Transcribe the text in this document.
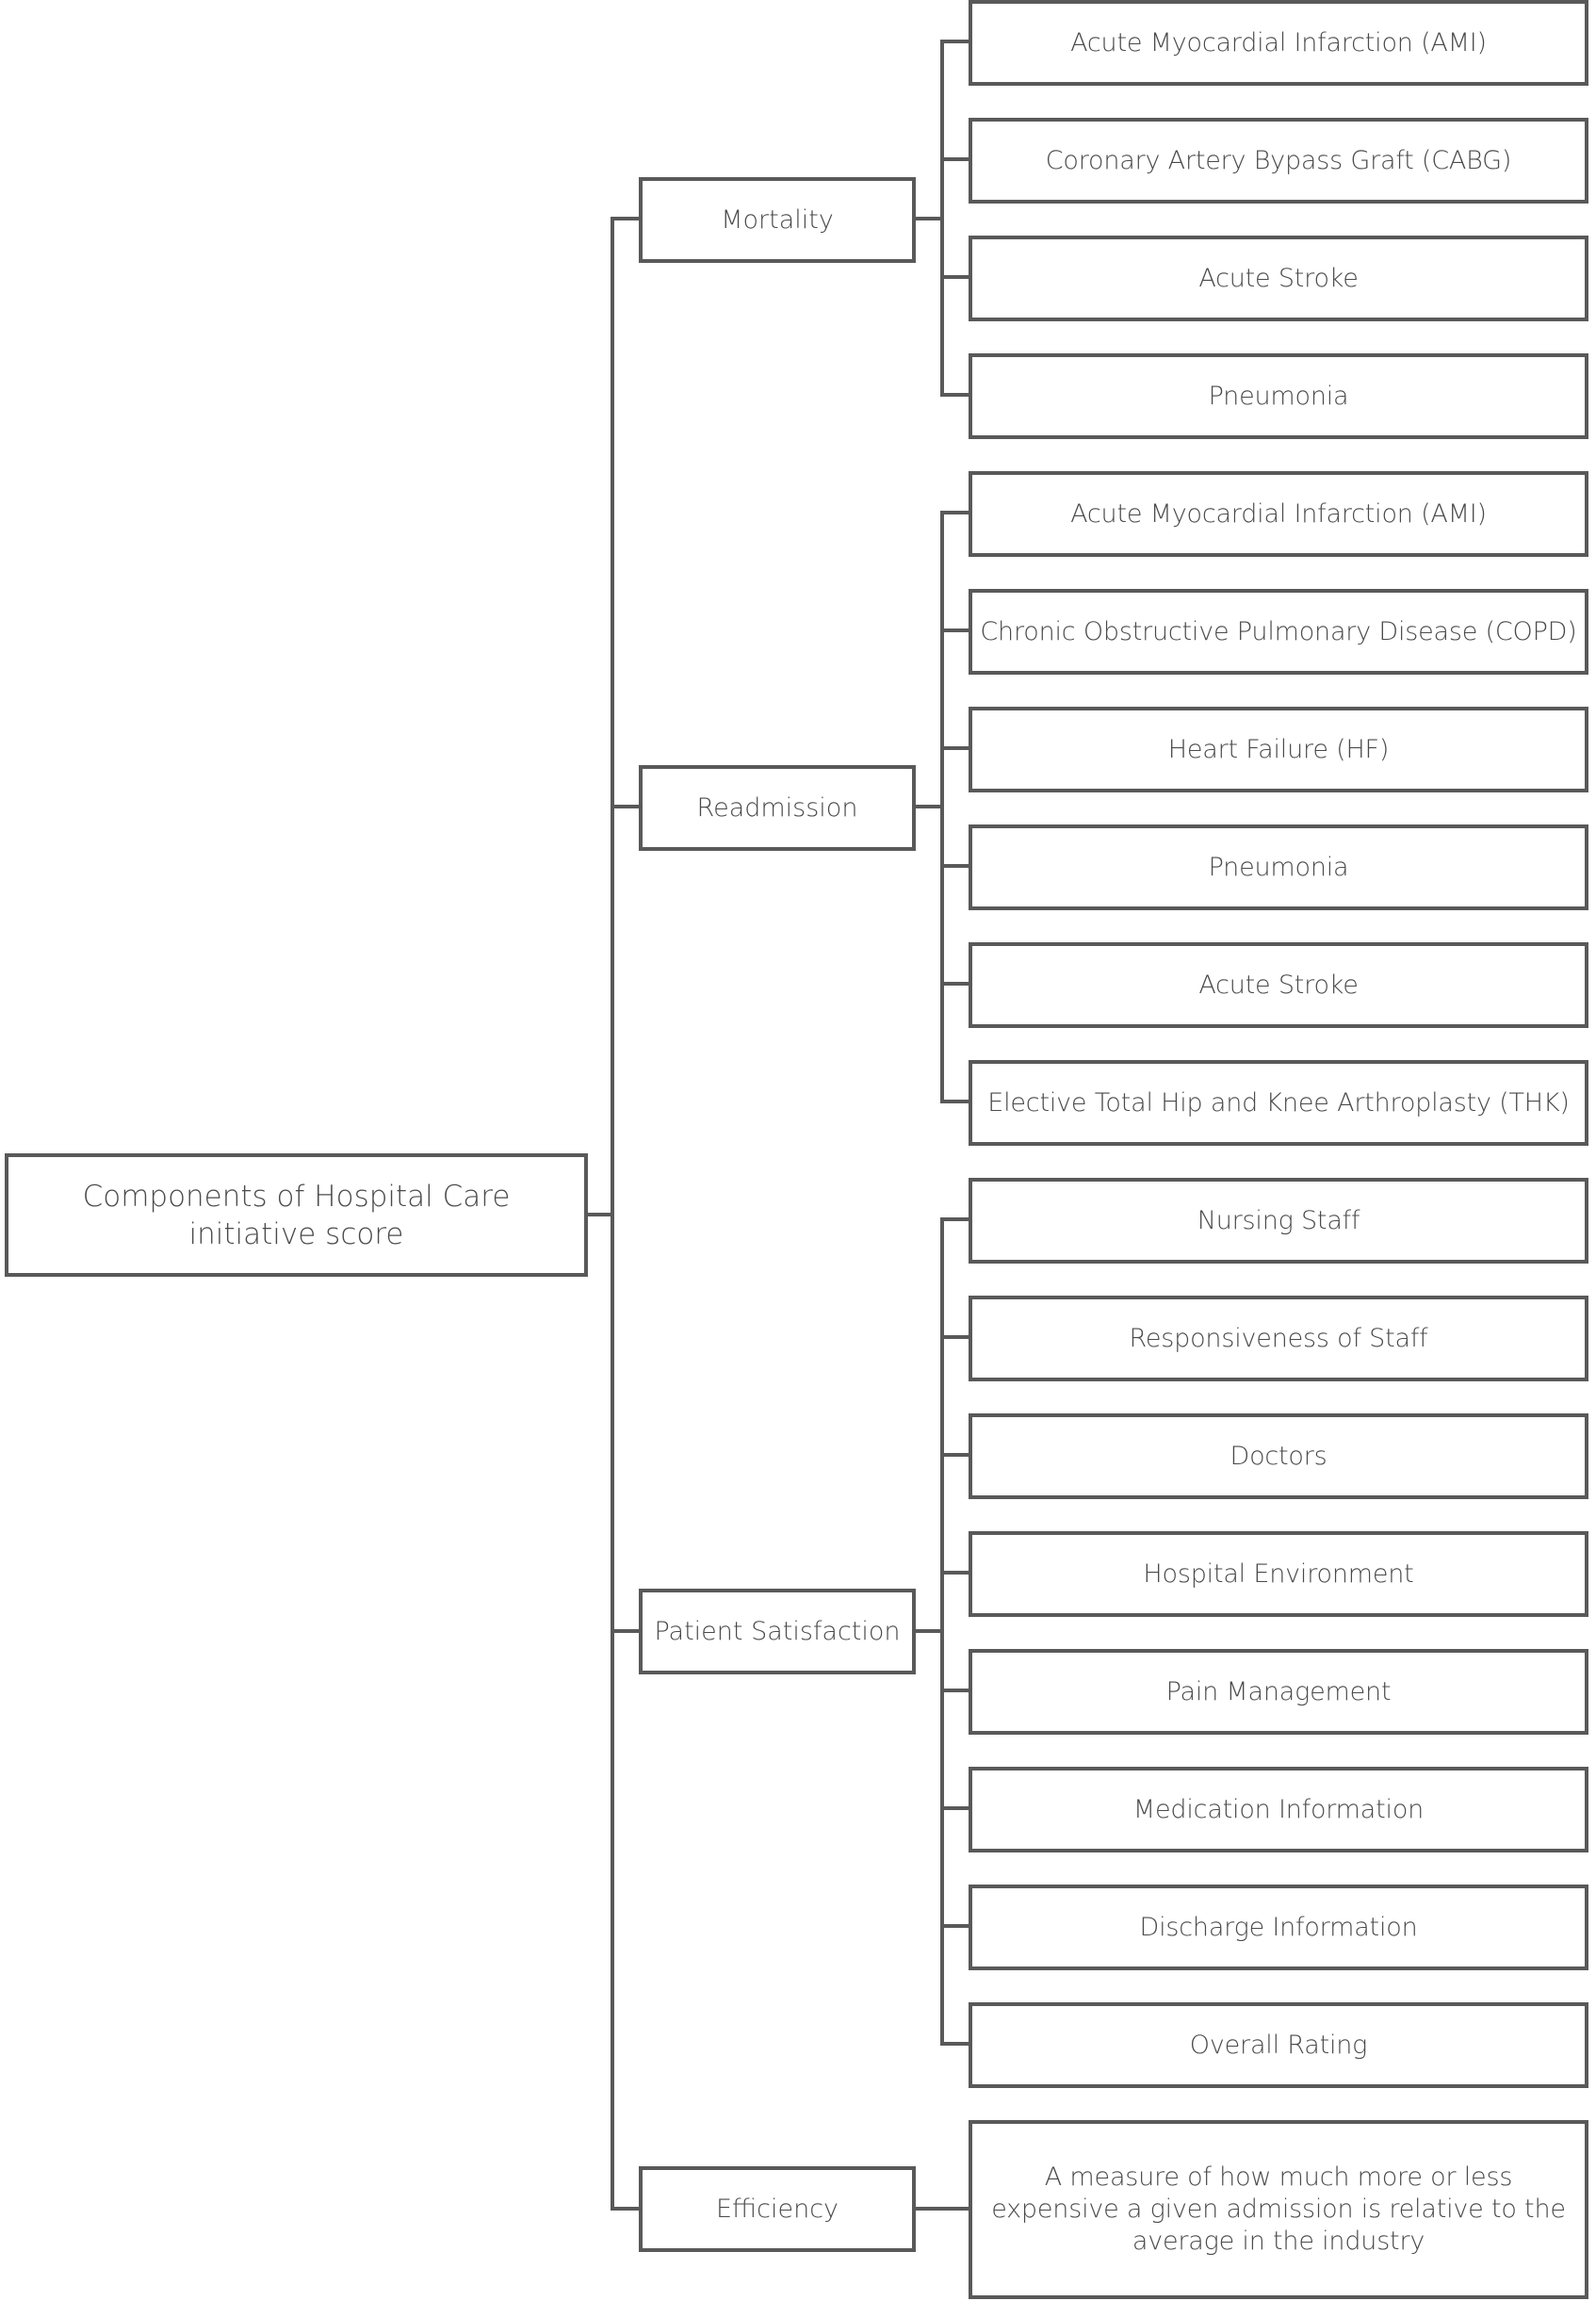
Components of Hospital Care initiative score
Mortality
Readmission
Patient Satisfaction
Efficiency
Acute Myocardial Infarction (AMI)
Coronary Artery Bypass Graft (CABG)
Acute Stroke
Pneumonia
Acute Myocardial Infarction (AMI)
Chronic Obstructive Pulmonary Disease (COPD)
Heart Failure (HF)
Pneumonia
Acute Stroke
Elective Total Hip and Knee Arthroplasty (THK)
Nursing Staff
Responsiveness of Staff
Doctors
Hospital Environment
Pain Management
Medication Information
Discharge Information
Overall Rating
A measure of how much more or less expensive a given admission is relative to the average in the industry
